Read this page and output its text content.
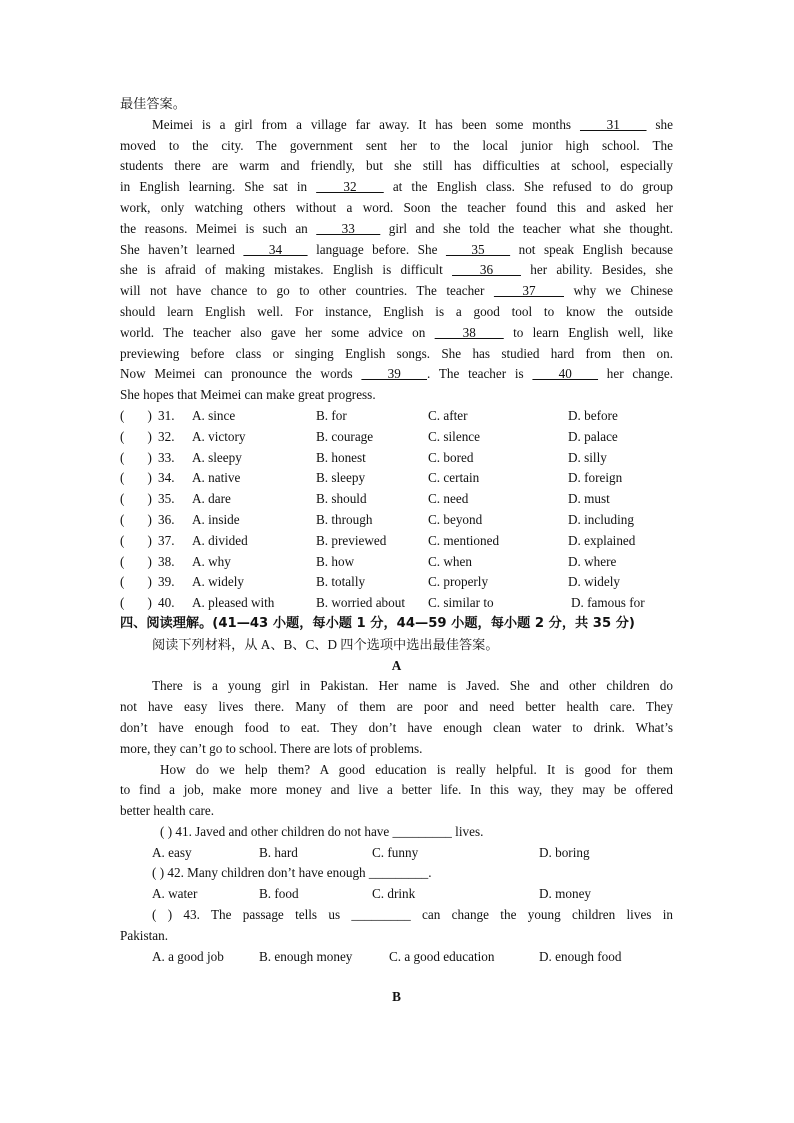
最佳答案。
Meimei is a girl from a village far away. It has been some months    31    she
moved to the city. The government sent her to the local junior high school. The
students there are warm and friendly, but she still has difficulties at school, especially
in English learning. She sat in    32    at the English class. She refused to do group
work, only watching others without a word. Soon the teacher found this and asked her
the reasons. Meimei is such an    33    girl and she told the teacher what she thought.
She haven’t learned    34    language before. She    35    not speak English because
she is afraid of making mistakes. English is difficult    36    her ability. Besides, she
will not have chance to go to other countries. The teacher    37    why we Chinese
should learn English well. For instance, English is a good tool to know the outside
world. The teacher also gave her some advice on    38    to learn English well, like
previewing before class or singing English songs. She has studied hard from then on.
Now Meimei can pronounce the words    39   . The teacher is    40    her change.
She hopes that Meimei can make great progress.
(       ) 31. A. since	B. for	C. after	D. before
(       ) 32. A. victory	B. courage	C. silence	D. palace
(       ) 33. A. sleepy	B. honest	C. bored	D. silly
(       ) 34. A. native	B. sleepy	C. certain	D. foreign
(       ) 35. A. dare	B. should	C. need	D. must
(       ) 36. A. inside	B. through	C. beyond	D. including
(       ) 37. A. divided	B. previewed	C. mentioned	D. explained
(       ) 38. A. why	B. how	C. when	D. where
(       ) 39. A. widely	B. totally	C. properly	D. widely
(       ) 40. A. pleased with	B. worried about C. similar to	D. famous for
四、阅读理解。(41—43 小题，每小题 1 分，44—59 小题，每小题 2 分，共 35 分)
阅读下列材料，从 A、B、C、D 四个选项中选出最佳答案。
A
There is a young girl in Pakistan. Her name is Javed. She and other children do
not have easy lives there. Many of them are poor and need better health care. They
don’t have enough food to eat. They don’t have enough clean water to drink. What’s
more, they can’t go to school. There are lots of problems.
How do we help them? A good education is really helpful. It is good for them
to find a job, make more money and live a better life. In this way, they may be offered
better health care.
( ) 41. Javed and other children do not have _________ lives.
A. easy	B. hard	C. funny	D. boring
( ) 42. Many children don’t have enough _________.
A. water	B. food	C. drink	D. money
( ) 43. The passage tells us _________ can change the young children lives in
Pakistan.
A. a good job	B. enough money	C. a good education	D. enough food
B
